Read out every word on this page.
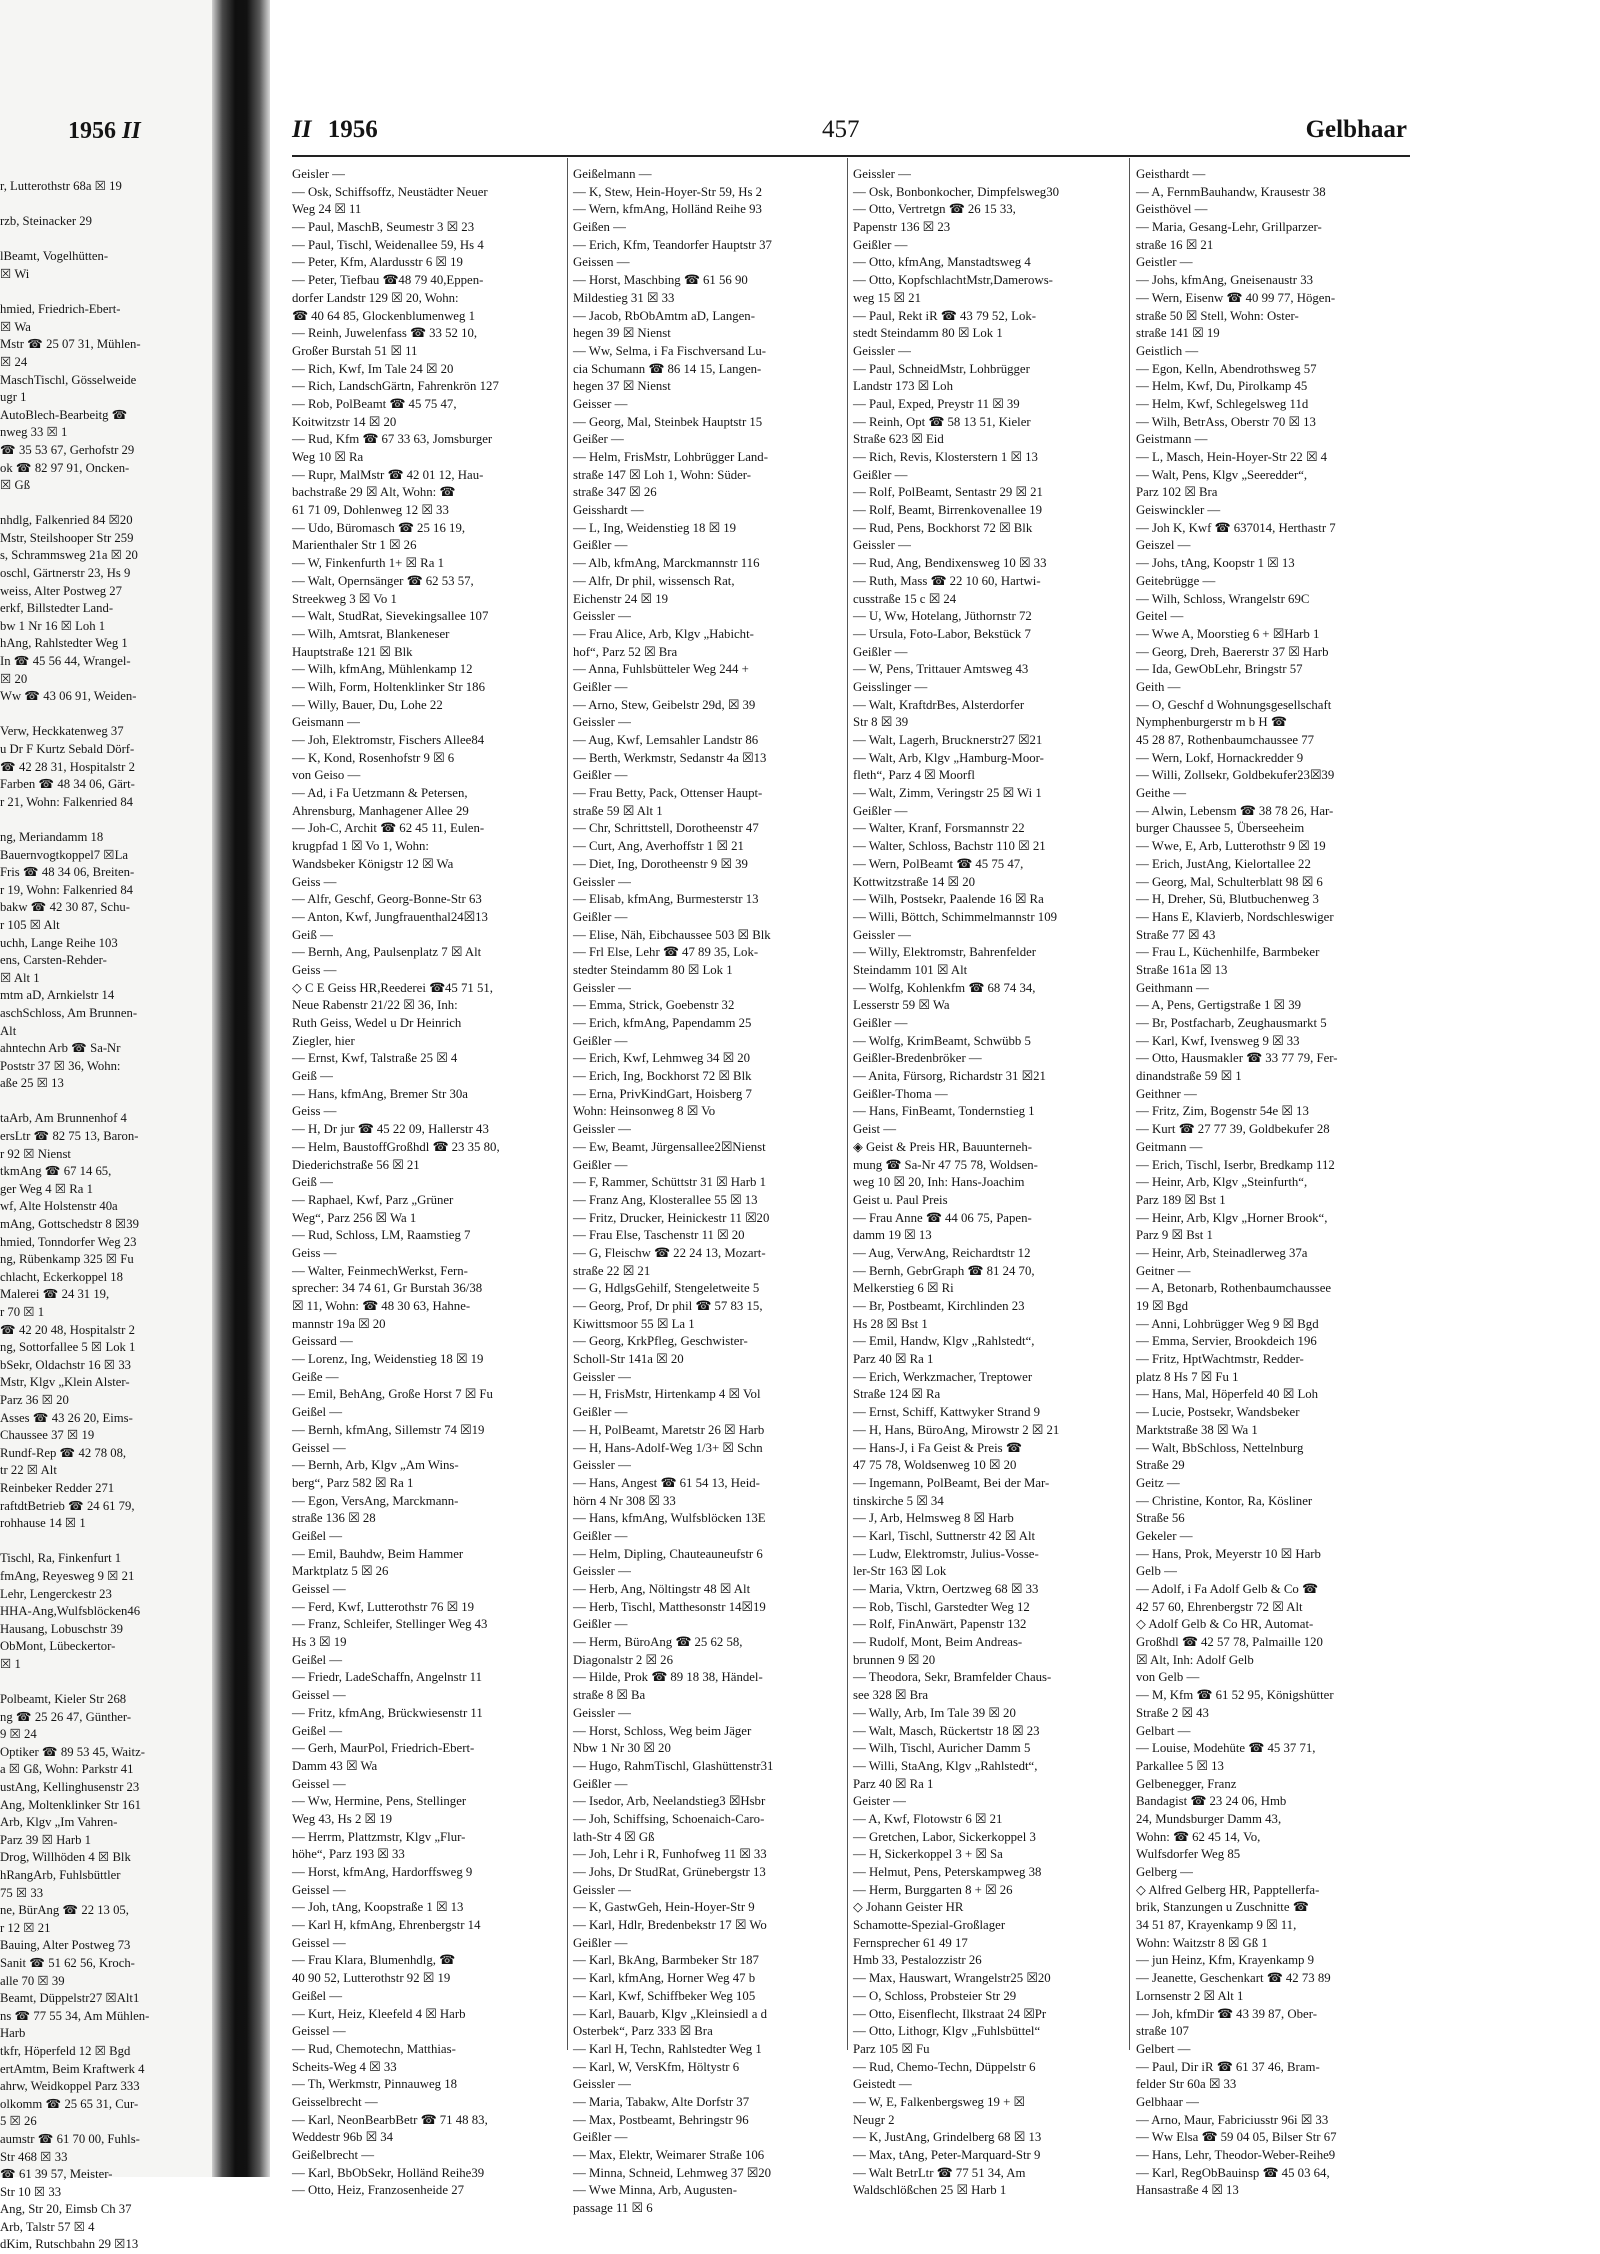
1956 II
r, Lutterothstr 68a ☒ 19
rzb, Steinacker 29
lBeamt, Vogelhütten-
☒ Wi
hmied, Friedrich-Ebert-
☒ Wa
Mstr ☎ 25 07 31, Mühlen-
☒ 24
MaschTischl, Gösselweide
ugr 1
AutoBlech-Bearbeitg ☎
nweg 33 ☒ 1
☎ 35 53 67, Gerhofstr 29
ok ☎ 82 97 91, Oncken-
☒ Gß
nhdlg, Falkenried 84 ☒20
Mstr, Steilshooper Str 259
s, Schrammsweg 21a ☒ 20
oschl, Gärtnerstr 23, Hs 9
weiss, Alter Postweg 27
erkf, Billstedter Land-
bw 1 Nr 16 ☒ Loh 1
hAng, Rahlstedter Weg 1
In ☎ 45 56 44, Wrangel-
☒ 20
Ww ☎ 43 06 91, Weiden-
Verw, Heckkatenweg 37
u Dr F Kurtz Sebald Dörf-
☎ 42 28 31, Hospitalstr 2
Farben ☎ 48 34 06, Gärt-
r 21, Wohn: Falkenried 84
ng, Meriandamm 18
Bauernvogtkoppel7 ☒La
Fris ☎ 48 34 06, Breiten-
r 19, Wohn: Falkenried 84
bakw ☎ 42 30 87, Schu-
r 105 ☒ Alt
uchh, Lange Reihe 103
ens, Carsten-Rehder-
☒ Alt 1
mtm aD, Arnkielstr 14
aschSchloss, Am Brunnen-
Alt
ahntechn Arb ☎ Sa-Nr
Poststr 37 ☒ 36, Wohn:
aße 25 ☒ 13
taArb, Am Brunnenhof 4
ersLtr ☎ 82 75 13, Baron-
r 92 ☒ Nienst
tkmAng ☎ 67 14 65,
ger Weg 4 ☒ Ra 1
wf, Alte Holstenstr 40a
mAng, Gottschedstr 8 ☒39
hmied, Tonndorfer Weg 23
ng, Rübenkamp 325 ☒ Fu
chlacht, Eckerkoppel 18
Malerei ☎ 24 31 19,
r 70 ☒ 1
☎ 42 20 48, Hospitalstr 2
ng, Sottorfallee 5 ☒ Lok 1
bSekr, Oldachstr 16 ☒ 33
Mstr, Klgv „Klein Alster-
Parz 36 ☒ 20
Asses ☎ 43 26 20, Eims-
Chaussee 37 ☒ 19
Rundf-Rep ☎ 42 78 08,
tr 22 ☒ Alt
Reinbeker Redder 271
raftdtBetrieb ☎ 24 61 79,
rohhause 14 ☒ 1
Tischl, Ra, Finkenfurt 1
fmAng, Reyesweg 9 ☒ 21
Lehr, Lengerckestr 23
HHA-Ang,Wulfsblöcken46
Hausang, Lobuschstr 39
ObMont, Lübeckertor-
☒ 1
Polbeamt, Kieler Str 268
ng ☎ 25 26 47, Günther-
9 ☒ 24
Optiker ☎ 89 53 45, Waitz-
a ☒ Gß, Wohn: Parkstr 41
ustAng, Kellinghusenstr 23
Ang, Moltenklinker Str 161
Arb, Klgv „Im Vahren-
Parz 39 ☒ Harb 1
Drog, Willhöden 4 ☒ Blk
hRangArb, Fuhlsbüttler
75 ☒ 33
ne, BürAng ☎ 22 13 05,
r 12 ☒ 21
Bauing, Alter Postweg 73
Sanit ☎ 51 62 56, Kroch-
alle 70 ☒ 39
Beamt, Düppelstr27 ☒Alt1
ns ☎ 77 55 34, Am Mühlen-
Harb
tkfr, Höperfeld 12 ☒ Bgd
ertAmtm, Beim Kraftwerk 4
ahrw, Weidkoppel Parz 333
olkomm ☎ 25 65 31, Cur-
5 ☒ 26
aumstr ☎ 61 70 00, Fuhls-
Str 468 ☒ 33
☎ 61 39 57, Meister-
Str 10 ☒ 33
Ang, Str 20, Eimsb Ch 37
Arb, Talstr 57 ☒ 4
dKim, Rutschbahn 29 ☒13
II 1956	457	Gelbhaar
Geisler —
— Osk, Schiffsoffz, Neustädter Neuer
Weg 24 ☒ 11
— Paul, MaschB, Seumestr 3 ☒ 23
— Paul, Tischl, Weidenallee 59, Hs 4
— Peter, Kfm, Alardusstr 6 ☒ 19
— Peter, Tiefbau ☎48 79 40,Eppen-
dorfer Landstr 129 ☒ 20, Wohn:
☎ 40 64 85, Glockenblumenweg 1
— Reinh, Juwelenfass ☎ 33 52 10,
Großer Burstah 51 ☒ 11
— Rich, Kwf, Im Tale 24 ☒ 20
— Rich, LandschGärtn, Fahrenkrön 127
— Rob, PolBeamt ☎ 45 75 47,
Koitwitzstr 14 ☒ 20
— Rud, Kfm ☎ 67 33 63, Jomsburger
Weg 10 ☒ Ra
— Rupr, MalMstr ☎ 42 01 12, Hau-
bachstraße 29 ☒ Alt, Wohn: ☎
61 71 09, Dohlenweg 12 ☒ 33
— Udo, Büromasch ☎ 25 16 19,
Marienthaler Str 1 ☒ 26
— W, Finkenfurth 1+ ☒ Ra 1
— Walt, Opernsänger ☎ 62 53 57,
Streekweg 3 ☒ Vo 1
— Walt, StudRat, Sievekingsallee 107
— Wilh, Amtsrat, Blankeneser
Hauptstraße 121 ☒ Blk
— Wilh, kfmAng, Mühlenkamp 12
— Wilh, Form, Holtenklinker Str 186
— Willy, Bauer, Du, Lohe 22
Geismann —
— Joh, Elektromstr, Fischers Allee84
— K, Kond, Rosenhofstr 9 ☒ 6
von Geiso —
— Ad, i Fa Uetzmann & Petersen,
Ahrensburg, Manhagener Allee 29
— Joh-C, Archit ☎ 62 45 11, Eulen-
krugpfad 1 ☒ Vo 1, Wohn:
Wandsbeker Königstr 12 ☒ Wa
Geiss —
— Alfr, Geschf, Georg-Bonne-Str 63
— Anton, Kwf, Jungfrauenthal24☒13
Geiß —
— Bernh, Ang, Paulsenplatz 7 ☒ Alt
Geiss —
◇ C E Geiss HR,Reederei ☎45 71 51,
Neue Rabenstr 21/22 ☒ 36, Inh:
Ruth Geiss, Wedel u Dr Heinrich
Ziegler, hier
— Ernst, Kwf, Talstraße 25 ☒ 4
Geiß —
— Hans, kfmAng, Bremer Str 30a
Geiss —
— H, Dr jur ☎ 45 22 09, Hallerstr 43
— Helm, BaustoffGroßhdl ☎ 23 35 80,
Diederichstraße 56 ☒ 21
Geiß —
— Raphael, Kwf, Parz „Grüner
Weg“, Parz 256 ☒ Wa 1
— Rud, Schloss, LM, Raamstieg 7
Geiss —
— Walter, FeinmechWerkst, Fern-
sprecher: 34 74 61, Gr Burstah 36/38
☒ 11, Wohn: ☎ 48 30 63, Hahne-
mannstr 19a ☒ 20
Geissard —
— Lorenz, Ing, Weidenstieg 18 ☒ 19
Geiße —
— Emil, BehAng, Große Horst 7 ☒ Fu
Geißel —
— Bernh, kfmAng, Sillemstr 74 ☒19
Geissel —
— Bernh, Arb, Klgv „Am Wins-
berg“, Parz 582 ☒ Ra 1
— Egon, VersAng, Marckmann-
straße 136 ☒ 28
Geißel —
— Emil, Bauhdw, Beim Hammer
Marktplatz 5 ☒ 26
Geissel —
— Ferd, Kwf, Lutterothstr 76 ☒ 19
— Franz, Schleifer, Stellinger Weg 43
Hs 3 ☒ 19
Geißel —
— Friedr, LadeSchaffn, Angelnstr 11
Geissel —
— Fritz, kfmAng, Brückwiesenstr 11
Geißel —
— Gerh, MaurPol, Friedrich-Ebert-
Damm 43 ☒ Wa
Geissel —
— Ww, Hermine, Pens, Stellinger
Weg 43, Hs 2 ☒ 19
— Herrm, Plattzmstr, Klgv „Flur-
höhe“, Parz 193 ☒ 33
— Horst, kfmAng, Hardorffsweg 9
Geissel —
— Joh, tAng, Koopstraße 1 ☒ 13
— Karl H, kfmAng, Ehrenbergstr 14
Geissel —
— Frau Klara, Blumenhdlg, ☎
40 90 52, Lutterothstr 92 ☒ 19
Geißel —
— Kurt, Heiz, Kleefeld 4 ☒ Harb
Geissel —
— Rud, Chemotechn, Matthias-
Scheits-Weg 4 ☒ 33
— Th, Werkmstr, Pinnauweg 18
Geisselbrecht —
— Karl, NeonBearbBetr ☎ 71 48 83,
Weddestr 96b ☒ 34
Geißelbrecht —
— Karl, BbObSekr, Holländ Reihe39
— Otto, Heiz, Franzosenheide 27
Geißelmann —
— K, Stew, Hein-Hoyer-Str 59, Hs 2
— Wern, kfmAng, Holländ Reihe 93
Geißen —
— Erich, Kfm, Teandorfer Hauptstr 37
Geissen —
— Horst, Maschbing ☎ 61 56 90
Mildestieg 31 ☒ 33
— Jacob, RbObAmtm aD, Langen-
hegen 39 ☒ Nienst
— Ww, Selma, i Fa Fischversand Lu-
cia Schumann ☎ 86 14 15, Langen-
hegen 37 ☒ Nienst
Geisser —
— Georg, Mal, Steinbek Hauptstr 15
Geißer —
— Helm, FrisMstr, Lohbrügger Land-
straße 147 ☒ Loh 1, Wohn: Süder-
straße 347 ☒ 26
Geisshardt —
— L, Ing, Weidenstieg 18 ☒ 19
Geißler —
— Alb, kfmAng, Marckmannstr 116
— Alfr, Dr phil, wissensch Rat,
Eichenstr 24 ☒ 19
Geissler —
— Frau Alice, Arb, Klgv „Habicht-
hof“, Parz 52 ☒ Bra
— Anna, Fuhlsbütteler Weg 244 +
Geißler —
— Arno, Stew, Geibelstr 29d, ☒ 39
Geissler —
— Aug, Kwf, Lemsahler Landstr 86
— Berth, Werkmstr, Sedanstr 4a ☒13
Geißler —
— Frau Betty, Pack, Ottenser Haupt-
straße 59 ☒ Alt 1
— Chr, Schrittstell, Dorotheenstr 47
— Curt, Ang, Averhoffstr 1 ☒ 21
— Diet, Ing, Dorotheenstr 9 ☒ 39
Geissler —
— Elisab, kfmAng, Burmesterstr 13
Geißler —
— Elise, Näh, Eibchaussee 503 ☒ Blk
— Frl Else, Lehr ☎ 47 89 35, Lok-
stedter Steindamm 80 ☒ Lok 1
Geissler —
— Emma, Strick, Goebenstr 32
— Erich, kfmAng, Papendamm 25
Geißler —
— Erich, Kwf, Lehmweg 34 ☒ 20
— Erich, Ing, Bockhorst 72 ☒ Blk
— Erna, PrivKindGart, Hoisberg 7
Wohn: Heinsonweg 8 ☒ Vo
Geissler —
— Ew, Beamt, Jürgensallee2☒Nienst
Geißler —
— F, Rammer, Schüttstr 31 ☒ Harb 1
— Franz Ang, Klosterallee 55 ☒ 13
— Fritz, Drucker, Heinickestr 11 ☒20
— Frau Else, Taschenstr 11 ☒ 20
— G, Fleischw ☎ 22 24 13, Mozart-
straße 22 ☒ 21
— G, HdlgsGehilf, Stengeletweite 5
— Georg, Prof, Dr phil ☎ 57 83 15,
Kiwittsmoor 55 ☒ La 1
— Georg, KrkPfleg, Geschwister-
Scholl-Str 141a ☒ 20
Geissler —
— H, FrisMstr, Hirtenkamp 4 ☒ Vol
Geißler —
— H, PolBeamt, Maretstr 26 ☒ Harb
— H, Hans-Adolf-Weg 1/3+ ☒ Schn
Geissler —
— Hans, Angest ☎ 61 54 13, Heid-
hörn 4 Nr 308 ☒ 33
— Hans, kfmAng, Wulfsblöcken 13E
Geißler —
— Helm, Dipling, Chauteauneufstr 6
Geissler —
— Herb, Ang, Nöltingstr 48 ☒ Alt
— Herb, Tischl, Matthesonstr 14☒19
Geißler —
— Herm, BüroAng ☎ 25 62 58,
Diagonalstr 2 ☒ 26
— Hilde, Prok ☎ 89 18 38, Händel-
straße 8 ☒ Ba
Geissler —
— Horst, Schloss, Weg beim Jäger
Nbw 1 Nr 30 ☒ 20
— Hugo, RahmTischl, Glashüttenstr31
Geißler —
— Isedor, Arb, Neelandstieg3 ☒Hsbr
— Joh, Schiffsing, Schoenaich-Caro-
lath-Str 4 ☒ Gß
— Joh, Lehr i R, Funhofweg 11 ☒ 33
— Johs, Dr StudRat, Grünebergstr 13
Geissler —
— K, GastwGeh, Hein-Hoyer-Str 9
— Karl, Hdlr, Bredenbekstr 17 ☒ Wo
Geißler —
— Karl, BkAng, Barmbeker Str 187
— Karl, kfmAng, Horner Weg 47 b
— Karl, Kwf, Schiffbeker Weg 105
— Karl, Bauarb, Klgv „Kleinsiedl a d
Osterbek“, Parz 333 ☒ Bra
— Karl H, Techn, Rahlstedter Weg 1
— Karl, W, VersKfm, Höltystr 6
Geissler —
— Maria, Tabakw, Alte Dorfstr 37
— Max, Postbeamt, Behringstr 96
Geißler —
— Max, Elektr, Weimarer Straße 106
— Minna, Schneid, Lehmweg 37 ☒20
— Wwe Minna, Arb, Augusten-
passage 11 ☒ 6
Geissler —
— Osk, Bonbonkocher, Dimpfelsweg30
— Otto, Vertretgn ☎ 26 15 33,
Papenstr 136 ☒ 23
Geißler —
— Otto, kfmAng, Manstadtsweg 4
— Otto, KopfschlachtMstr,Damerows-
weg 15 ☒ 21
— Paul, Rekt iR ☎ 43 79 52, Lok-
stedt Steindamm 80 ☒ Lok 1
Geissler —
— Paul, SchneidMstr, Lohbrügger
Landstr 173 ☒ Loh
— Paul, Exped, Preystr 11 ☒ 39
— Reinh, Opt ☎ 58 13 51, Kieler
Straße 623 ☒ Eid
— Rich, Revis, Klosterstern 1 ☒ 13
Geißler —
— Rolf, PolBeamt, Sentastr 29 ☒ 21
— Rolf, Beamt, Birrenkovenallee 19
— Rud, Pens, Bockhorst 72 ☒ Blk
Geissler —
— Rud, Ang, Bendixensweg 10 ☒ 33
— Ruth, Mass ☎ 22 10 60, Hartwi-
cusstraße 15 c ☒ 24
— U, Ww, Hotelang, Jüthornstr 72
— Ursula, Foto-Labor, Bekstück 7
Geißler —
— W, Pens, Trittauer Amtsweg 43
Geisslinger —
— Walt, KraftdrBes, Alsterdorfer
Str 8 ☒ 39
— Walt, Lagerh, Brucknerstr27 ☒21
— Walt, Arb, Klgv „Hamburg-Moor-
fleth“, Parz 4 ☒ Moorfl
— Walt, Zimm, Veringstr 25 ☒ Wi 1
Geißler —
— Walter, Kranf, Forsmannstr 22
— Walter, Schloss, Bachstr 110 ☒ 21
— Wern, PolBeamt ☎ 45 75 47,
Kottwitzstraße 14 ☒ 20
— Wilh, Postsekr, Paalende 16 ☒ Ra
— Willi, Böttch, Schimmelmannstr 109
Geissler —
— Willy, Elektromstr, Bahrenfelder
Steindamm 101 ☒ Alt
— Wolfg, Kohlenkfm ☎ 68 74 34,
Lesserstr 59 ☒ Wa
Geißler —
— Wolfg, KrimBeamt, Schwübb 5
Geißler-Bredenbröker —
— Anita, Fürsorg, Richardstr 31 ☒21
Geißler-Thoma —
— Hans, FinBeamt, Tondernstieg 1
Geist —
◈ Geist & Preis HR, Bauunterneh-
mung ☎ Sa-Nr 47 75 78, Woldsen-
weg 10 ☒ 20, Inh: Hans-Joachim
Geist u. Paul Preis
— Frau Anne ☎ 44 06 75, Papen-
damm 19 ☒ 13
— Aug, VerwAng, Reichardtstr 12
— Bernh, GebrGraph ☎ 81 24 70,
Melkerstieg 6 ☒ Ri
— Br, Postbeamt, Kirchlinden 23
Hs 28 ☒ Bst 1
— Emil, Handw, Klgv „Rahlstedt“,
Parz 40 ☒ Ra 1
— Erich, Werkzmacher, Treptower
Straße 124 ☒ Ra
— Ernst, Schiff, Kattwyker Strand 9
— H, Hans, BüroAng, Mirowstr 2 ☒ 21
— Hans-J, i Fa Geist & Preis ☎
47 75 78, Woldsenweg 10 ☒ 20
— Ingemann, PolBeamt, Bei der Mar-
tinskirche 5 ☒ 34
— J, Arb, Helmsweg 8 ☒ Harb
— Karl, Tischl, Suttnerstr 42 ☒ Alt
— Ludw, Elektromstr, Julius-Vosse-
ler-Str 163 ☒ Lok
— Maria, Vktrn, Oertzweg 68 ☒ 33
— Rob, Tischl, Garstedter Weg 12
— Rolf, FinAnwärt, Papenstr 132
— Rudolf, Mont, Beim Andreas-
brunnen 9 ☒ 20
— Theodora, Sekr, Bramfelder Chaus-
see 328 ☒ Bra
— Wally, Arb, Im Tale 39 ☒ 20
— Walt, Masch, Rückertstr 18 ☒ 23
— Wilh, Tischl, Auricher Damm 5
— Willi, StaAng, Klgv „Rahlstedt“,
Parz 40 ☒ Ra 1
Geister —
— A, Kwf, Flotowstr 6 ☒ 21
— Gretchen, Labor, Sickerkoppel 3
— H, Sickerkoppel 3 + ☒ Sa
— Helmut, Pens, Peterskampweg 38
— Herm, Burggarten 8 + ☒ 26
◇ Johann Geister HR
Schamotte-Spezial-Großlager
Fernsprecher 61 49 17
Hmb 33, Pestalozzistr 26
— Max, Hauswart, Wrangelstr25 ☒20
— O, Schloss, Probsteier Str 29
— Otto, Eisenflecht, Ilkstraat 24 ☒Pr
— Otto, Lithogr, Klgv „Fuhlsbüttel“
Parz 105 ☒ Fu
— Rud, Chemo-Techn, Düppelstr 6
Geistedt —
— W, E, Falkenbergsweg 19 + ☒
Neugr 2
— K, JustAng, Grindelberg 68 ☒ 13
— Max, tAng, Peter-Marquard-Str 9
— Walt BetrLtr ☎ 77 51 34, Am
Waldschlößchen 25 ☒ Harb 1
Geisthardt —
— A, FernmBauhandw, Krausestr 38
Geisthövel —
— Maria, Gesang-Lehr, Grillparzer-
straße 16 ☒ 21
Geistler —
— Johs, kfmAng, Gneisenaustr 33
— Wern, Eisenw ☎ 40 99 77, Högen-
straße 50 ☒ Stell, Wohn: Oster-
straße 141 ☒ 19
Geistlich —
— Egon, Kelln, Abendrothsweg 57
— Helm, Kwf, Du, Pirolkamp 45
— Helm, Kwf, Schlegelsweg 11d
— Wilh, BetrAss, Oberstr 70 ☒ 13
Geistmann —
— L, Masch, Hein-Hoyer-Str 22 ☒ 4
— Walt, Pens, Klgv „Seeredder“,
Parz 102 ☒ Bra
Geiswinckler —
— Joh K, Kwf ☎ 637014, Herthastr 7
Geiszel —
— Johs, tAng, Koopstr 1 ☒ 13
Geitebrügge —
— Wilh, Schloss, Wrangelstr 69C
Geitel —
— Wwe A, Moorstieg 6 + ☒Harb 1
— Georg, Dreh, Baererstr 37 ☒ Harb
— Ida, GewObLehr, Bringstr 57
Geith —
— O, Geschf d Wohnungsgesellschaft
Nymphenburgerstr m b H ☎
45 28 87, Rothenbaumchaussee 77
— Wern, Lokf, Hornackredder 9
— Willi, Zollsekr, Goldbekufer23☒39
Geithe —
— Alwin, Lebensm ☎ 38 78 26, Har-
burger Chaussee 5, Überseeheim
— Wwe, E, Arb, Lutterothstr 9 ☒ 19
— Erich, JustAng, Kielortallee 22
— Georg, Mal, Schulterblatt 98 ☒ 6
— H, Dreher, Sü, Blutbuchenweg 3
— Hans E, Klavierb, Nordschleswiger
Straße 77 ☒ 43
— Frau L, Küchenhilfe, Barmbeker
Straße 161a ☒ 13
Geithmann —
— A, Pens, Gertigstraße 1 ☒ 39
— Br, Postfacharb, Zeughausmarkt 5
— Karl, Kwf, Ivensweg 9 ☒ 33
— Otto, Hausmakler ☎ 33 77 79, Fer-
dinandstraße 59 ☒ 1
Geithner —
— Fritz, Zim, Bogenstr 54e ☒ 13
— Kurt ☎ 27 77 39, Goldbekufer 28
Geitmann —
— Erich, Tischl, Iserbr, Bredkamp 112
— Heinr, Arb, Klgv „Steinfurth“,
Parz 189 ☒ Bst 1
— Heinr, Arb, Klgv „Horner Brook“,
Parz 9 ☒ Bst 1
— Heinr, Arb, Steinadlerweg 37a
Geitner —
— A, Betonarb, Rothenbaumchaussee
19 ☒ Bgd
— Anni, Lohbrügger Weg 9 ☒ Bgd
— Emma, Servier, Brookdeich 196
— Fritz, HptWachtmstr, Redder-
platz 8 Hs 7 ☒ Fu 1
— Hans, Mal, Höperfeld 40 ☒ Loh
— Lucie, Postsekr, Wandsbeker
Marktstraße 38 ☒ Wa 1
— Walt, BbSchloss, Nettelnburg
Straße 29
Geitz —
— Christine, Kontor, Ra, Kösliner
Straße 56
Gekeler —
— Hans, Prok, Meyerstr 10 ☒ Harb
Gelb —
— Adolf, i Fa Adolf Gelb & Co ☎
42 57 60, Ehrenbergstr 72 ☒ Alt
◇ Adolf Gelb & Co HR, Automat-
Großhdl ☎ 42 57 78, Palmaille 120
☒ Alt, Inh: Adolf Gelb
von Gelb —
— M, Kfm ☎ 61 52 95, Königshütter
Straße 2 ☒ 43
Gelbart —
— Louise, Modehüte ☎ 45 37 71,
Parkallee 5 ☒ 13
Gelbenegger, Franz
Bandagist ☎ 23 24 06, Hmb
24, Mundsburger Damm 43,
Wohn: ☎ 62 45 14, Vo,
Wulfsdorfer Weg 85
Gelberg —
◇ Alfred Gelberg HR, Papptellerfa-
brik, Stanzungen u Zuschnitte ☎
34 51 87, Krayenkamp 9 ☒ 11,
Wohn: Waitzstr 8 ☒ Gß 1
— jun Heinz, Kfm, Krayenkamp 9
— Jeanette, Geschenkart ☎ 42 73 89
Lornsenstr 2 ☒ Alt 1
— Joh, kfmDir ☎ 43 39 87, Ober-
straße 107
Gelbert —
— Paul, Dir iR ☎ 61 37 46, Bram-
felder Str 60a ☒ 33
Gelbhaar —
— Arno, Maur, Fabriciusstr 96i ☒ 33
— Ww Elsa ☎ 59 04 05, Bilser Str 67
— Hans, Lehr, Theodor-Weber-Reihe9
— Karl, RegObBauinsp ☎ 45 03 64,
Hansastraße 4 ☒ 13
